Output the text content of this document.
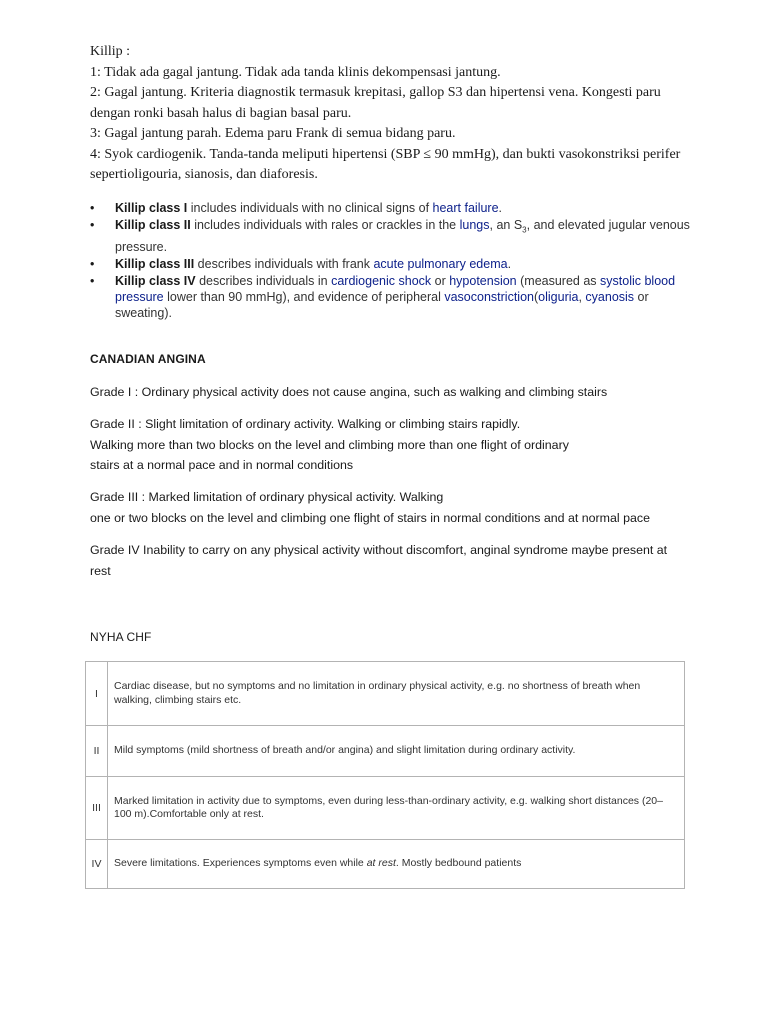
Killip :

1: Tidak ada gagal jantung. Tidak ada tanda klinis dekompensasi jantung.

2: Gagal jantung. Kriteria diagnostik termasuk krepitasi, gallop S3 dan hipertensi vena. Kongesti paru dengan ronki basah halus di bagian basal paru.

3: Gagal jantung parah. Edema paru Frank di semua bidang paru.

4: Syok cardiogenik. Tanda-tanda meliputi hipertensi (SBP ≤ 90 mmHg), dan bukti vasokonstriksi perifer sepertioligouria, sianosis, dan diaforesis.

• Killip class I includes individuals with no clinical signs of heart failure.
• Killip class II includes individuals with rales or crackles in the lungs, an $S_3$, and elevated jugular venous pressure.
• Killip class III describes individuals with frank acute pulmonary edema.
• Killip class IV describes individuals in cardiogenic shock or hypotension (measured as systolic blood pressure lower than 90 mmHg), and evidence of peripheral vasoconstriction(oliguria, cyanosis or sweating).
CANADIAN ANGINA

Grade I : Ordinary physical activity does not cause angina, such as walking and climbing stairs

Grade II : Slight limitation of ordinary activity. Walking or climbing stairs rapidly.

Walking more than two blocks on the level and climbing more than one flight of ordinary

stairs at a normal pace and in normal conditions

Grade III : Marked limitation of ordinary physical activity. Walking

one or two blocks on the level and climbing one flight of stairs in normal conditions and at normal pace

Grade IV Inability to carry on any physical activity without discomfort, anginal syndrome maybe present at rest

NYHA CHF
I	Cardiac disease, but no symptoms and no limitation in ordinary physical activity, e.g. no shortness of breath when walking, climbing stairs etc.
II	Mild symptoms (mild shortness of breath and/or angina) and slight limitation during ordinary activity.
III	Marked limitation in activity due to symptoms, even during less-than-ordinary activity, e.g. walking short distances (20–100 m).Comfortable only at rest.
IV	Severe limitations. Experiences symptoms even while at rest. Mostly bedbound patients
